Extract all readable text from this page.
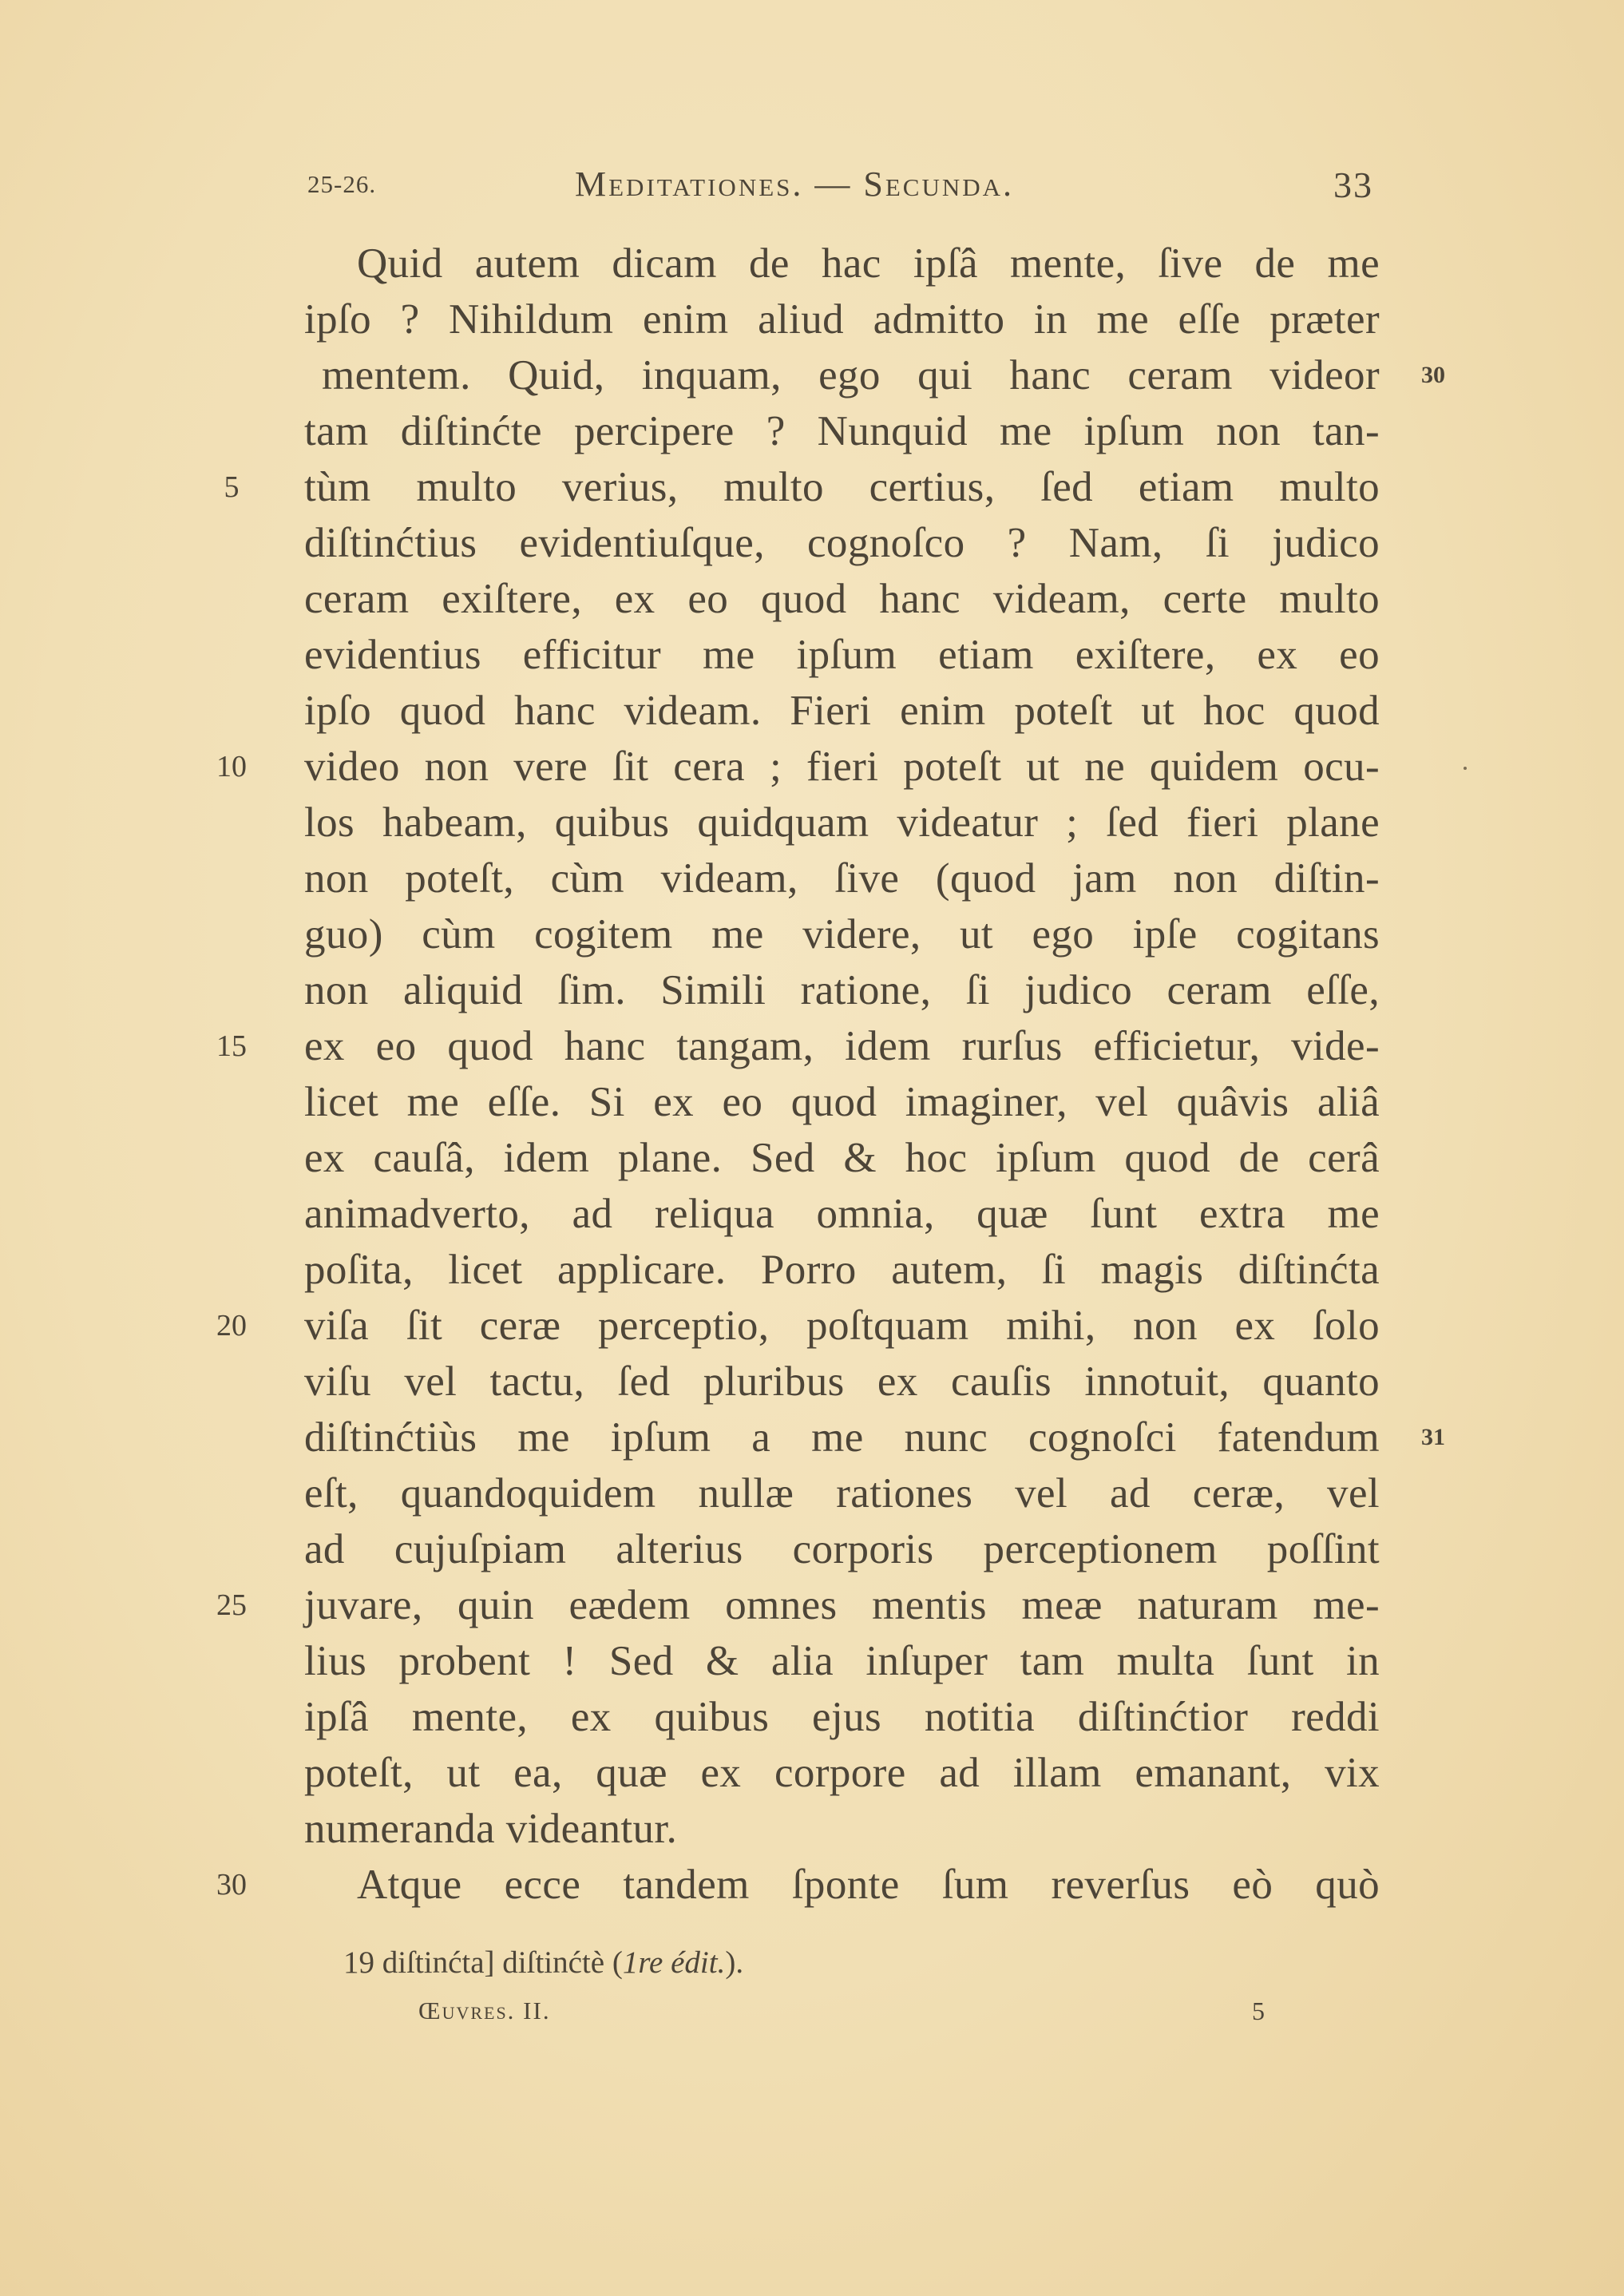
25-26.	Meditationes. — Secunda.	33
Quid autem dicam de hac ipſâ mente, ſive de me
ipſo ? Nihildum enim aliud admitto in me eſſe præter
mentem. Quid, inquam, ego qui hanc ceram videor
tam diſtinćte percipere ? Nunquid me ipſum non tan-
tùm multo verius, multo certius, ſed etiam multo
diſtinćtius evidentiuſque, cognoſco ? Nam, ſi judico
ceram exiſtere, ex eo quod hanc videam, certe multo
evidentius efficitur me ipſum etiam exiſtere, ex eo
ipſo quod hanc videam. Fieri enim poteſt ut hoc quod
video non vere ſit cera ; fieri poteſt ut ne quidem ocu-
los habeam, quibus quidquam videatur ; ſed fieri plane
non poteſt, cùm videam, ſive (quod jam non diſtin-
guo) cùm cogitem me videre, ut ego ipſe cogitans
non aliquid ſim. Simili ratione, ſi judico ceram eſſe,
ex eo quod hanc tangam, idem rurſus efficietur, vide-
licet me eſſe. Si ex eo quod imaginer, vel quâvis aliâ
ex cauſâ, idem plane. Sed & hoc ipſum quod de cerâ
animadverto, ad reliqua omnia, quæ ſunt extra me
poſita, licet applicare. Porro autem, ſi magis diſtinćta
viſa ſit ceræ perceptio, poſtquam mihi, non ex ſolo
viſu vel tactu, ſed pluribus ex cauſis innotuit, quanto
diſtinćtiùs me ipſum a me nunc cognoſci fatendum
eſt, quandoquidem nullæ rationes vel ad ceræ, vel
ad cujuſpiam alterius corporis perceptionem poſſint
juvare, quin eædem omnes mentis meæ naturam me-
lius probent ! Sed & alia inſuper tam multa ſunt in
ipſâ mente, ex quibus ejus notitia diſtinćtior reddi
poteſt, ut ea, quæ ex corpore ad illam emanant, vix
numeranda videantur.
Atque ecce tandem ſponte ſum reverſus eò quò
5
10
15
20
25
30
30
31
19 diſtinćta] diſtinćtè (1re édit.).
Œuvres. II.	5
